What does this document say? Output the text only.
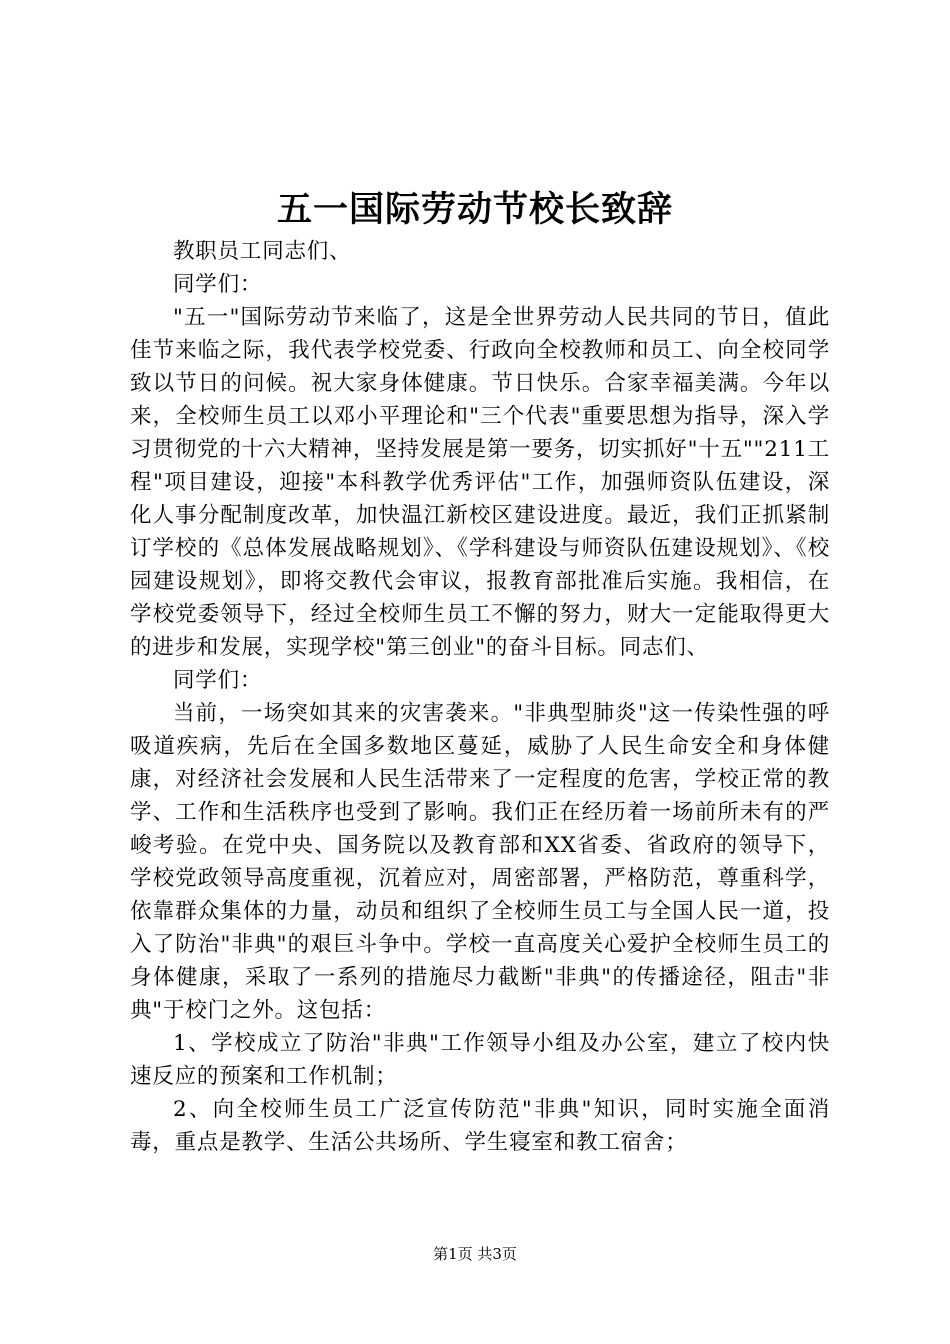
五一国际劳动节校长致辞

教职员工同志们、

同学们：

"五一"国际劳动节来临了，这是全世界劳动人民共同的节日，值此佳节来临之际，我代表学校党委、行政向全校教师和员工、向全校同学致以节日的问候。祝大家身体健康。节日快乐。合家幸福美满。今年以来，全校师生员工以邓小平理论和"三个代表"重要思想为指导，深入学习贯彻党的十六大精神，坚持发展是第一要务，切实抓好"十五""211工程"项目建设，迎接"本科教学优秀评估"工作，加强师资队伍建设，深化人事分配制度改革，加快温江新校区建设进度。最近，我们正抓紧制订学校的《总体发展战略规划》、《学科建设与师资队伍建设规划》、《校园建设规划》，即将交教代会审议，报教育部批准后实施。我相信，在学校党委领导下，经过全校师生员工不懈的努力，财大一定能取得更大的进步和发展，实现学校"第三创业"的奋斗目标。同志们、

同学们：

当前，一场突如其来的灾害袭来。"非典型肺炎"这一传染性强的呼吸道疾病，先后在全国多数地区蔓延，威胁了人民生命安全和身体健康，对经济社会发展和人民生活带来了一定程度的危害，学校正常的教学、工作和生活秩序也受到了影响。我们正在经历着一场前所未有的严峻考验。在党中央、国务院以及教育部和XX省委、省政府的领导下，学校党政领导高度重视，沉着应对，周密部署，严格防范，尊重科学，依靠群众集体的力量，动员和组织了全校师生员工与全国人民一道，投入了防治"非典"的艰巨斗争中。学校一直高度关心爱护全校师生员工的身体健康，采取了一系列的措施尽力截断"非典"的传播途径，阻击"非典"于校门之外。这包括：

1、学校成立了防治"非典"工作领导小组及办公室，建立了校内快速反应的预案和工作机制；

2、向全校师生员工广泛宣传防范"非典"知识，同时实施全面消毒，重点是教学、生活公共场所、学生寝室和教工宿舍；

第1页 共3页
